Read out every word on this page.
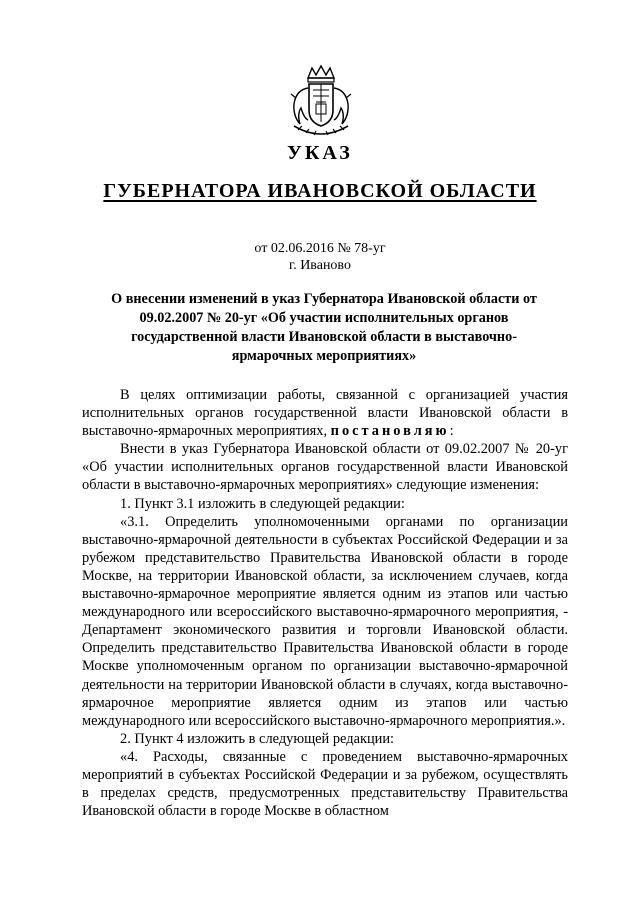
УКАЗ
ГУБЕРНАТОРА ИВАНОВСКОЙ ОБЛАСТИ
от 02.06.2016 № 78-уг
г. Иваново
О внесении изменений в указ Губернатора Ивановской области от 09.02.2007 № 20-уг «Об участии исполнительных органов государственной власти Ивановской области в выставочно-ярмарочных мероприятиях»

В целях оптимизации работы, связанной с организацией участия исполнительных органов государственной власти Ивановской области в выставочно-ярмарочных мероприятиях, постановляю:

Внести в указ Губернатора Ивановской области от 09.02.2007 № 20-уг «Об участии исполнительных органов государственной власти Ивановской области в выставочно-ярмарочных мероприятиях» следующие изменения:

1. Пункт 3.1 изложить в следующей редакции:

«3.1. Определить уполномоченными органами по организации выставочно-ярмарочной деятельности в субъектах Российской Федерации и за рубежом представительство Правительства Ивановской области в городе Москве, на территории Ивановской области, за исключением случаев, когда выставочно-ярмарочное мероприятие является одним из этапов или частью международного или всероссийского выставочно-ярмарочного мероприятия, - Департамент экономического развития и торговли Ивановской области. Определить представительство Правительства Ивановской области в городе Москве уполномоченным органом по организации выставочно-ярмарочной деятельности на территории Ивановской области в случаях, когда выставочно-ярмарочное мероприятие является одним из этапов или частью международного или всероссийского выставочно-ярмарочного мероприятия.».

2. Пункт 4 изложить в следующей редакции:

«4. Расходы, связанные с проведением выставочно-ярмарочных мероприятий в субъектах Российской Федерации и за рубежом, осуществлять в пределах средств, предусмотренных представительству Правительства Ивановской области в городе Москве в областном
